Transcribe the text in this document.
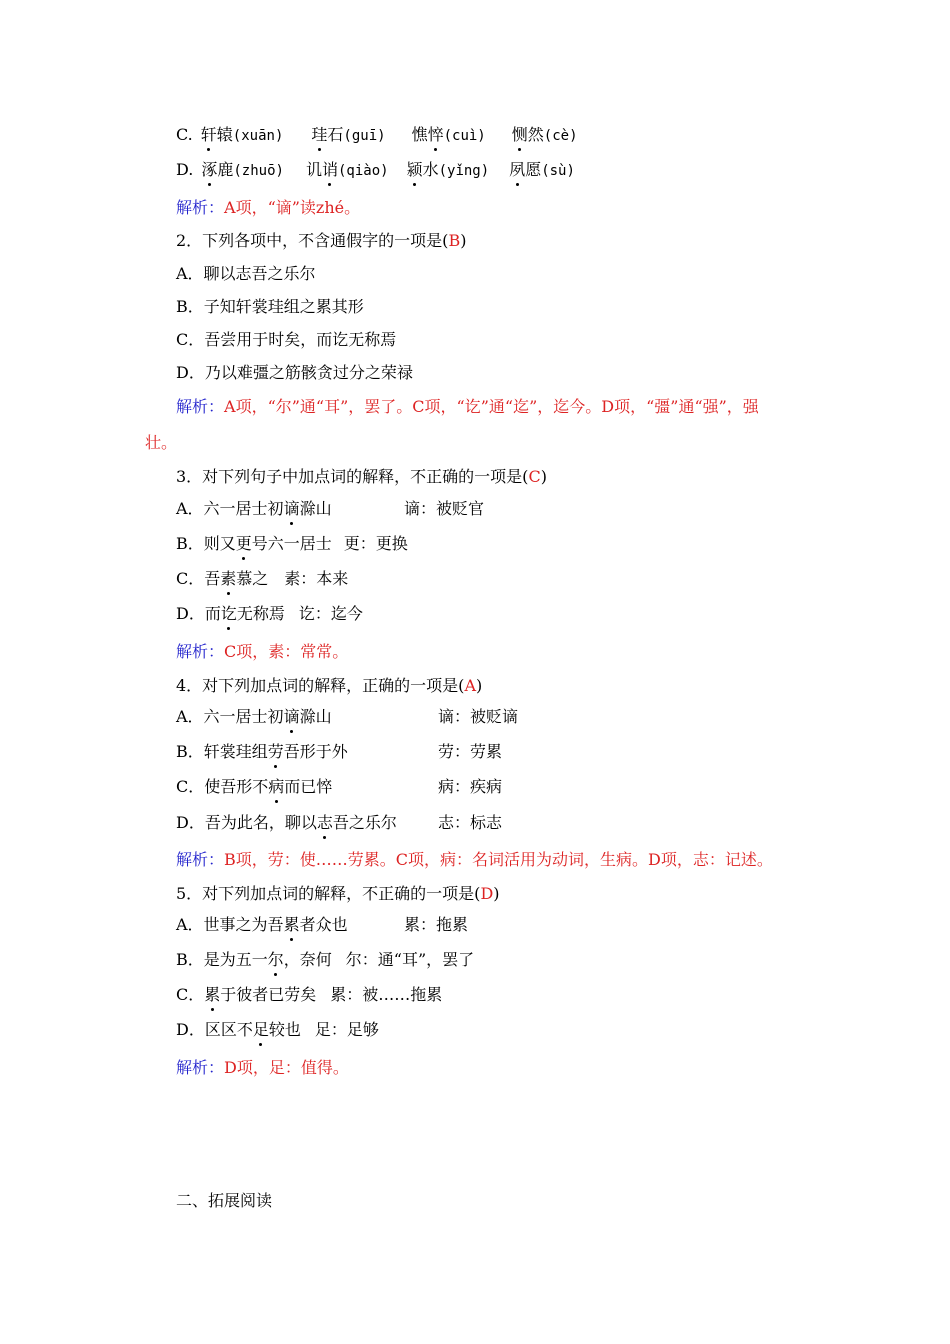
C. 轩辕(xuān) 珪石(guī) 憔悴(cuì) 恻然(cè)
D. 涿鹿(zhuō) 讥诮(qiào) 颍水(yǐng) 夙愿(sù)
解析：A项，“谪”读zhé。
2．下列各项中，不含通假字的一项是(B)
A．聊以志吾之乐尔
B．子知轩裳珪组之累其形
C．吾尝用于时矣，而讫无称焉
D．乃以难彊之筋骸贪过分之荣禄
解析：A项，“尔”通“耳”，罢了。C项，“讫”通“迄”，迄今。D项，“彊”通“强”，强
壮。
3．对下列句子中加点词的解释，不正确的一项是(C)
A．六一居士初谪滁山	谪：被贬官
B．则又更号六一居士 更：更换
C．吾素慕之 素：本来
D．而讫无称焉 讫：迄今
解析：C项，素：常常。
4．对下列加点词的解释，正确的一项是(A)
A．六一居士初谪滁山	谪：被贬谪
B．轩裳珪组劳吾形于外	劳：劳累
C．使吾形不病而已悴	病：疾病
D．吾为此名，聊以志吾之乐尔	志：标志
解析：B项，劳：使……劳累。C项，病：名词活用为动词，生病。D项，志：记述。
5．对下列加点词的解释，不正确的一项是(D)
A．世事之为吾累者众也	累：拖累
B．是为五一尔，奈何 尔：通“耳”，罢了
C．累于彼者已劳矣 累：被……拖累
D．区区不足较也 足：足够
解析：D项，足：值得。
二、拓展阅读
